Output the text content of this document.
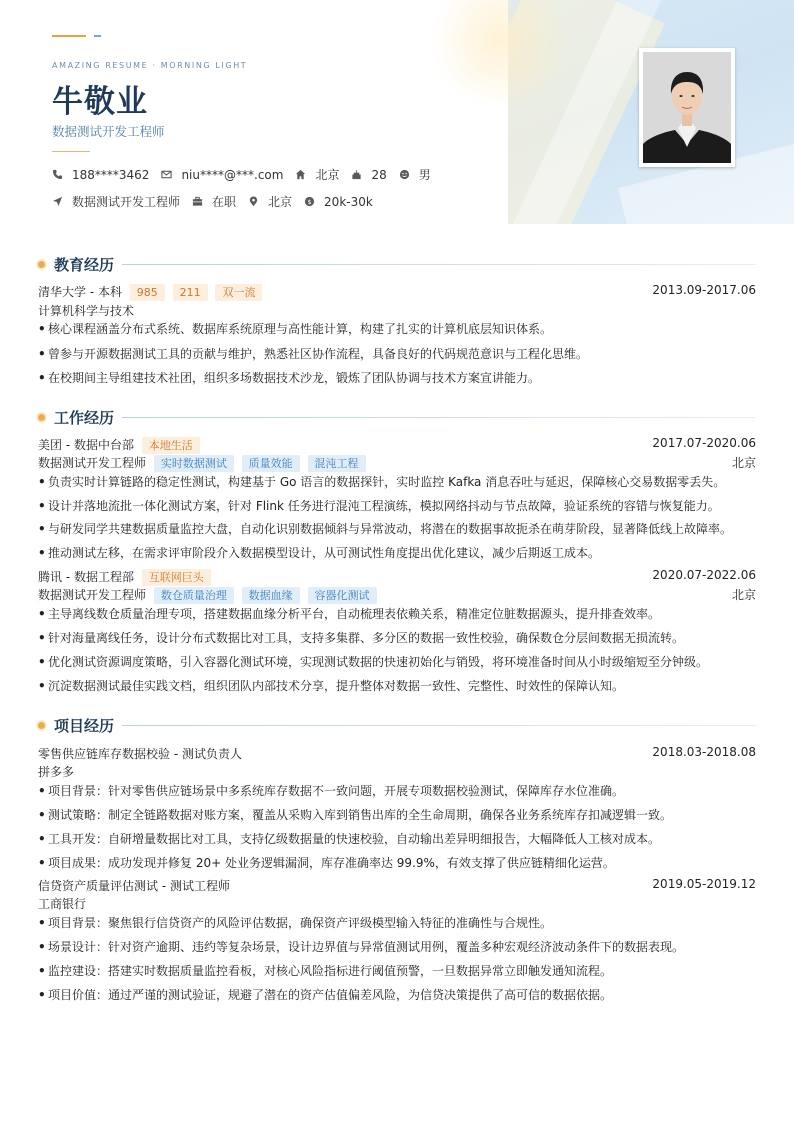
AMAZING RESUME · MORNING LIGHT
牛敬业
数据测试开发工程师
188****3462	niu****@***.com	北京	28	男
数据测试开发工程师	在职	北京 $ 20k-30k
教育经历
清华大学 - 本科 985 211 双一流	2013.09-2017.06
计算机科学与技术
• 核心课程涵盖分布式系统、数据库系统原理与高性能计算，构建了扎实的计算机底层知识体系。
• 曾参与开源数据测试工具的贡献与维护，熟悉社区协作流程，具备良好的代码规范意识与工程化思维。
• 在校期间主导组建技术社团，组织多场数据技术沙龙，锻炼了团队协调与技术方案宣讲能力。
工作经历
美团 - 数据中台部 本地生活	2017.07-2020.06
数据测试开发工程师 实时数据测试 质量效能 混沌工程	北京
• 负责实时计算链路的稳定性测试，构建基于 Go 语言的数据探针，实时监控 Kafka 消息吞吐与延迟，保障核心交易数据零丢失。
• 设计并落地流批一体化测试方案，针对 Flink 任务进行混沌工程演练，模拟网络抖动与节点故障，验证系统的容错与恢复能力。
• 与研发同学共建数据质量监控大盘，自动化识别数据倾斜与异常波动，将潜在的数据事故扼杀在萌芽阶段，显著降低线上故障率。
• 推动测试左移，在需求评审阶段介入数据模型设计，从可测试性角度提出优化建议，减少后期返工成本。
腾讯 - 数据工程部 互联网巨头	2020.07-2022.06
数据测试开发工程师 数仓质量治理 数据血缘 容器化测试	北京
• 主导离线数仓质量治理专项，搭建数据血缘分析平台，自动梳理表依赖关系，精准定位脏数据源头，提升排查效率。
• 针对海量离线任务，设计分布式数据比对工具，支持多集群、多分区的数据一致性校验，确保数仓分层间数据无损流转。
• 优化测试资源调度策略，引入容器化测试环境，实现测试数据的快速初始化与销毁，将环境准备时间从小时级缩短至分钟级。
• 沉淀数据测试最佳实践文档，组织团队内部技术分享，提升整体对数据一致性、完整性、时效性的保障认知。
项目经历
零售供应链库存数据校验 - 测试负责人	2018.03-2018.08
拼多多
• 项目背景：针对零售供应链场景中多系统库存数据不一致问题，开展专项数据校验测试，保障库存水位准确。
• 测试策略：制定全链路数据对账方案，覆盖从采购入库到销售出库的全生命周期，确保各业务系统库存扣减逻辑一致。
• 工具开发：自研增量数据比对工具，支持亿级数据量的快速校验，自动输出差异明细报告，大幅降低人工核对成本。
• 项目成果：成功发现并修复 20+ 处业务逻辑漏洞，库存准确率达 99.9%，有效支撑了供应链精细化运营。
信贷资产质量评估测试 - 测试工程师	2019.05-2019.12
工商银行
• 项目背景：聚焦银行信贷资产的风险评估数据，确保资产评级模型输入特征的准确性与合规性。
• 场景设计：针对资产逾期、违约等复杂场景，设计边界值与异常值测试用例，覆盖多种宏观经济波动条件下的数据表现。
• 监控建设：搭建实时数据质量监控看板，对核心风险指标进行阈值预警，一旦数据异常立即触发通知流程。
• 项目价值：通过严谨的测试验证，规避了潜在的资产估值偏差风险，为信贷决策提供了高可信的数据依据。
